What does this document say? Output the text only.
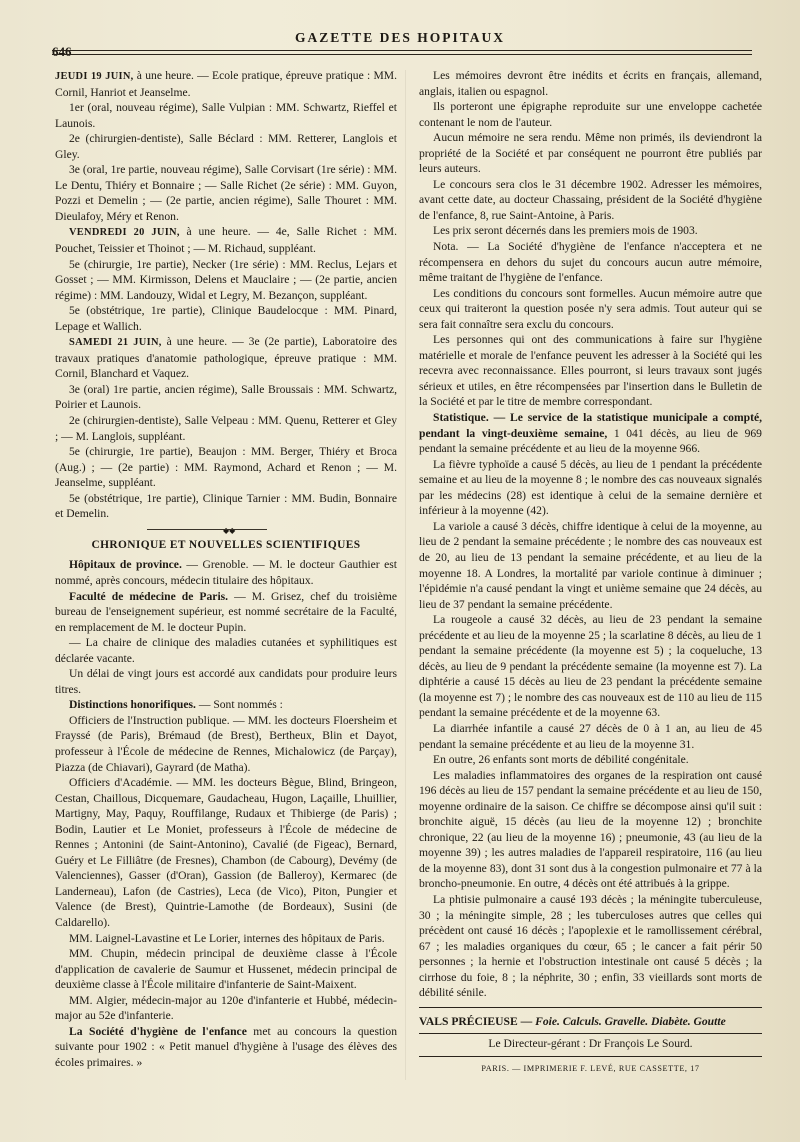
646
GAZETTE DES HOPITAUX

JEUDI 19 JUIN, à une heure. — Ecole pratique, épreuve pratique : MM. Cornil, Hanriot et Jeanselme.

1er (oral, nouveau régime), Salle Vulpian : MM. Schwartz, Rieffel et Launois.

2e (chirurgien-dentiste), Salle Béclard : MM. Retterer, Langlois et Gley.

3e (oral, 1re partie, nouveau régime), Salle Corvisart (1re série) : MM. Le Dentu, Thiéry et Bonnaire ; — Salle Richet (2e série) : MM. Guyon, Pozzi et Demelin ; — (2e partie, ancien régime), Salle Thouret : MM. Dieulafoy, Méry et Renon.

VENDREDI 20 JUIN, à une heure. — 4e, Salle Richet : MM. Pouchet, Teissier et Thoinot ; — M. Richaud, suppléant.

5e (chirurgie, 1re partie), Necker (1re série) : MM. Reclus, Lejars et Gosset ; — MM. Kirmisson, Delens et Mauclaire ; — (2e partie, ancien régime) : MM. Landouzy, Widal et Legry, M. Bezançon, suppléant.

5e (obstétrique, 1re partie), Clinique Baudelocque : MM. Pinard, Lepage et Wallich.

SAMEDI 21 JUIN, à une heure. — 3e (2e partie), Laboratoire des travaux pratiques d'anatomie pathologique, épreuve pratique : MM. Cornil, Blanchard et Vaquez.

3e (oral) 1re partie, ancien régime), Salle Broussais : MM. Schwartz, Poirier et Launois.

2e (chirurgien-dentiste), Salle Velpeau : MM. Quenu, Retterer et Gley ; — M. Langlois, suppléant.

5e (chirurgie, 1re partie), Beaujon : MM. Berger, Thiéry et Broca (Aug.) ; — (2e partie) : MM. Raymond, Achard et Renon ; — M. Jeanselme, suppléant.

5e (obstétrique, 1re partie), Clinique Tarnier : MM. Budin, Bonnaire et Demelin.

◆◆

CHRONIQUE ET NOUVELLES SCIENTIFIQUES

Hôpitaux de province. — Grenoble. — M. le docteur Gauthier est nommé, après concours, médecin titulaire des hôpitaux.

Faculté de médecine de Paris. — M. Grisez, chef du troisième bureau de l'enseignement supérieur, est nommé secrétaire de la Faculté, en remplacement de M. le docteur Pupin.

— La chaire de clinique des maladies cutanées et syphilitiques est déclarée vacante.

Un délai de vingt jours est accordé aux candidats pour produire leurs titres.

Distinctions honorifiques. — Sont nommés :

Officiers de l'Instruction publique. — MM. les docteurs Floersheim et Frayssé (de Paris), Brémaud (de Brest), Bertheux, Blin et Dayot, professeur à l'École de médecine de Rennes, Michalowicz (de Parçay), Piazza (de Chiavari), Gayrard (de Matha).

Officiers d'Académie. — MM. les docteurs Bègue, Blind, Bringeon, Cestan, Chaillous, Dicquemare, Gaudacheau, Hugon, Laçaille, Lhuillier, Martigny, May, Paquy, Rouffilange, Rudaux et Thibierge (de Paris) ; Bodin, Lautier et Le Moniet, professeurs à l'École de médecine de Rennes ; Antonini (de Saint-Antonino), Cavalié (de Figeac), Bernard, Guéry et Le Filliâtre (de Fresnes), Chambon (de Cabourg), Devémy (de Valenciennes), Gasser (d'Oran), Gassion (de Balleroy), Kermarec (de Landerneau), Lafon (de Castries), Leca (de Vico), Piton, Pungier et Valence (de Brest), Quintrie-Lamothe (de Bordeaux), Susini (de Caldarello).

MM. Laignel-Lavastine et Le Lorier, internes des hôpitaux de Paris.

MM. Chupin, médecin principal de deuxième classe à l'École d'application de cavalerie de Saumur et Hussenet, médecin principal de deuxième classe à l'École militaire d'infanterie de Saint-Maixent.

MM. Algier, médecin-major au 120e d'infanterie et Hubbé, médecin-major au 52e d'infanterie.

La Société d'hygiène de l'enfance met au concours la question suivante pour 1902 : « Petit manuel d'hygiène à l'usage des élèves des écoles primaires. »

Les mémoires devront être inédits et écrits en français, allemand, anglais, italien ou espagnol.

Ils porteront une épigraphe reproduite sur une enveloppe cachetée contenant le nom de l'auteur.

Aucun mémoire ne sera rendu. Même non primés, ils deviendront la propriété de la Société et par conséquent ne pourront être publiés par leurs auteurs.

Le concours sera clos le 31 décembre 1902. Adresser les mémoires, avant cette date, au docteur Chassaing, président de la Société d'hygiène de l'enfance, 8, rue Saint-Antoine, à Paris.

Les prix seront décernés dans les premiers mois de 1903.

Nota. — La Société d'hygiène de l'enfance n'acceptera et ne récompensera en dehors du sujet du concours aucun autre mémoire, même traitant de l'hygiène de l'enfance.

Les conditions du concours sont formelles. Aucun mémoire autre que ceux qui traiteront la question posée n'y sera admis. Tout auteur qui se sera fait connaître sera exclu du concours.

Les personnes qui ont des communications à faire sur l'hygiène matérielle et morale de l'enfance peuvent les adresser à la Société qui les recevra avec reconnaissance. Elles pourront, si leurs travaux sont jugés sérieux et utiles, en être récompensées par l'insertion dans le Bulletin de la Société et par le titre de membre correspondant.

Statistique. — Le service de la statistique municipale a compté, pendant la vingt-deuxième semaine, 1 041 décès, au lieu de 969 pendant la semaine précédente et au lieu de la moyenne 966.

La fièvre typhoïde a causé 5 décès, au lieu de 1 pendant la précédente semaine et au lieu de la moyenne 8 ; le nombre des cas nouveaux signalés par les médecins (28) est identique à celui de la semaine dernière et inférieur à la moyenne (42).

La variole a causé 3 décès, chiffre identique à celui de la moyenne, au lieu de 2 pendant la semaine précédente ; le nombre des cas nouveaux est de 20, au lieu de 13 pendant la semaine précédente, et au lieu de la moyenne 18. A Londres, la mortalité par variole continue à diminuer ; l'épidémie n'a causé pendant la vingt et unième semaine que 24 décès, au lieu de 37 pendant la semaine précédente.

La rougeole a causé 32 décès, au lieu de 23 pendant la semaine précédente et au lieu de la moyenne 25 ; la scarlatine 8 décès, au lieu de 1 pendant la semaine précédente (la moyenne est 5) ; la coqueluche, 13 décès, au lieu de 9 pendant la précédente semaine (la moyenne est 7). La diphtérie a causé 15 décès au lieu de 23 pendant la précédente semaine (la moyenne est 7) ; le nombre des cas nouveaux est de 110 au lieu de 115 pendant la semaine précédente et de la moyenne 63.

La diarrhée infantile a causé 27 décès de 0 à 1 an, au lieu de 45 pendant la semaine précédente et au lieu de la moyenne 31.

En outre, 26 enfants sont morts de débilité congénitale.

Les maladies inflammatoires des organes de la respiration ont causé 196 décès au lieu de 157 pendant la semaine précédente et au lieu de 150, moyenne ordinaire de la saison. Ce chiffre se décompose ainsi qu'il suit : bronchite aiguë, 15 décès (au lieu de la moyenne 12) ; bronchite chronique, 22 (au lieu de la moyenne 16) ; pneumonie, 43 (au lieu de la moyenne 39) ; les autres maladies de l'appareil respiratoire, 116 (au lieu de la moyenne 83), dont 31 sont dus à la congestion pulmonaire et 77 à la broncho-pneumonie. En outre, 4 décès ont été attribués à la grippe.

La phtisie pulmonaire a causé 193 décès ; la méningite tuberculeuse, 30 ; la méningite simple, 28 ; les tuberculoses autres que celles qui précèdent ont causé 16 décès ; l'apoplexie et le ramollissement cérébral, 67 ; les maladies organiques du cœur, 65 ; le cancer a fait périr 50 personnes ; la hernie et l'obstruction intestinale ont causé 5 décès ; la cirrhose du foie, 8 ; la néphrite, 30 ; enfin, 33 vieillards sont morts de débilité sénile.

VALS PRÉCIEUSE — Foie. Calculs. Gravelle. Diabète. Goutte

Le Directeur-gérant : Dr François Le Sourd.

PARIS. — IMPRIMERIE F. LEVÉ, RUE CASSETTE, 17
